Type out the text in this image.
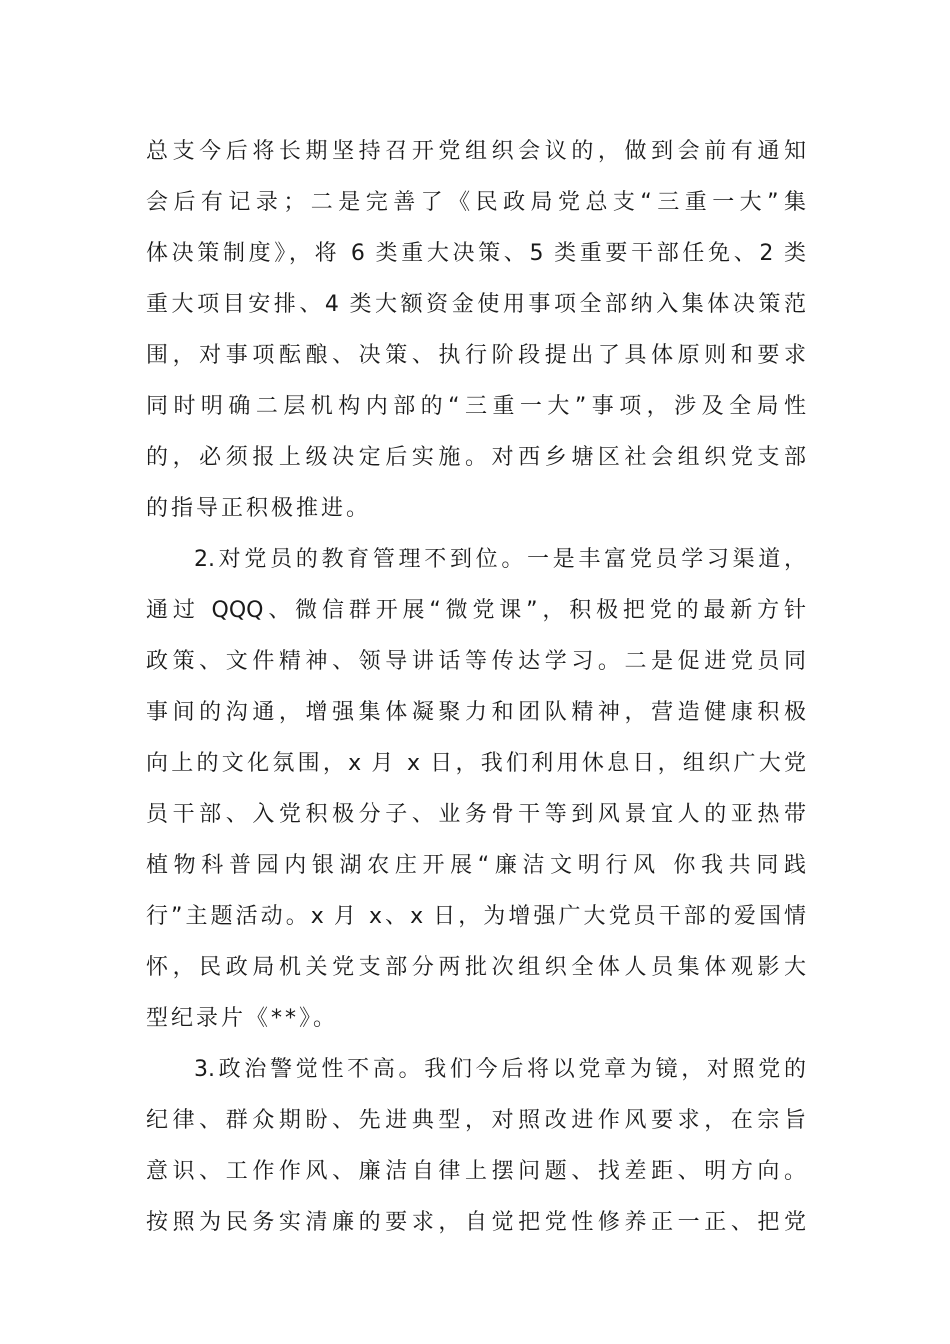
总支今后将长期坚持召开党组织会议的，做到会前有通知
会后有记录；二是完善了《民政局党总支“三重一大”集
体决策制度》，将 6 类重大决策、5 类重要干部任免、2 类
重大项目安排、4 类大额资金使用事项全部纳入集体决策范
围，对事项酝酿、决策、执行阶段提出了具体原则和要求
同时明确二层机构内部的“三重一大”事项，涉及全局性
的，必须报上级决定后实施。对西乡塘区社会组织党支部
的指导正积极推进。
2.对党员的教育管理不到位。一是丰富党员学习渠道，
通过 QQQ、微信群开展“微党课”，积极把党的最新方针
政策、文件精神、领导讲话等传达学习。二是促进党员同
事间的沟通，增强集体凝聚力和团队精神，营造健康积极
向上的文化氛围，x 月 x 日，我们利用休息日，组织广大党
员干部、入党积极分子、业务骨干等到风景宜人的亚热带
植物科普园内银湖农庄开展“廉洁文明行风 你我共同践
行”主题活动。x 月 x、x 日，为增强广大党员干部的爱国情
怀，民政局机关党支部分两批次组织全体人员集体观影大
型纪录片《**》。
3.政治警觉性不高。我们今后将以党章为镜，对照党的
纪律、群众期盼、先进典型，对照改进作风要求，在宗旨
意识、工作作风、廉洁自律上摆问题、找差距、明方向。
按照为民务实清廉的要求，自觉把党性修养正一正、把党
